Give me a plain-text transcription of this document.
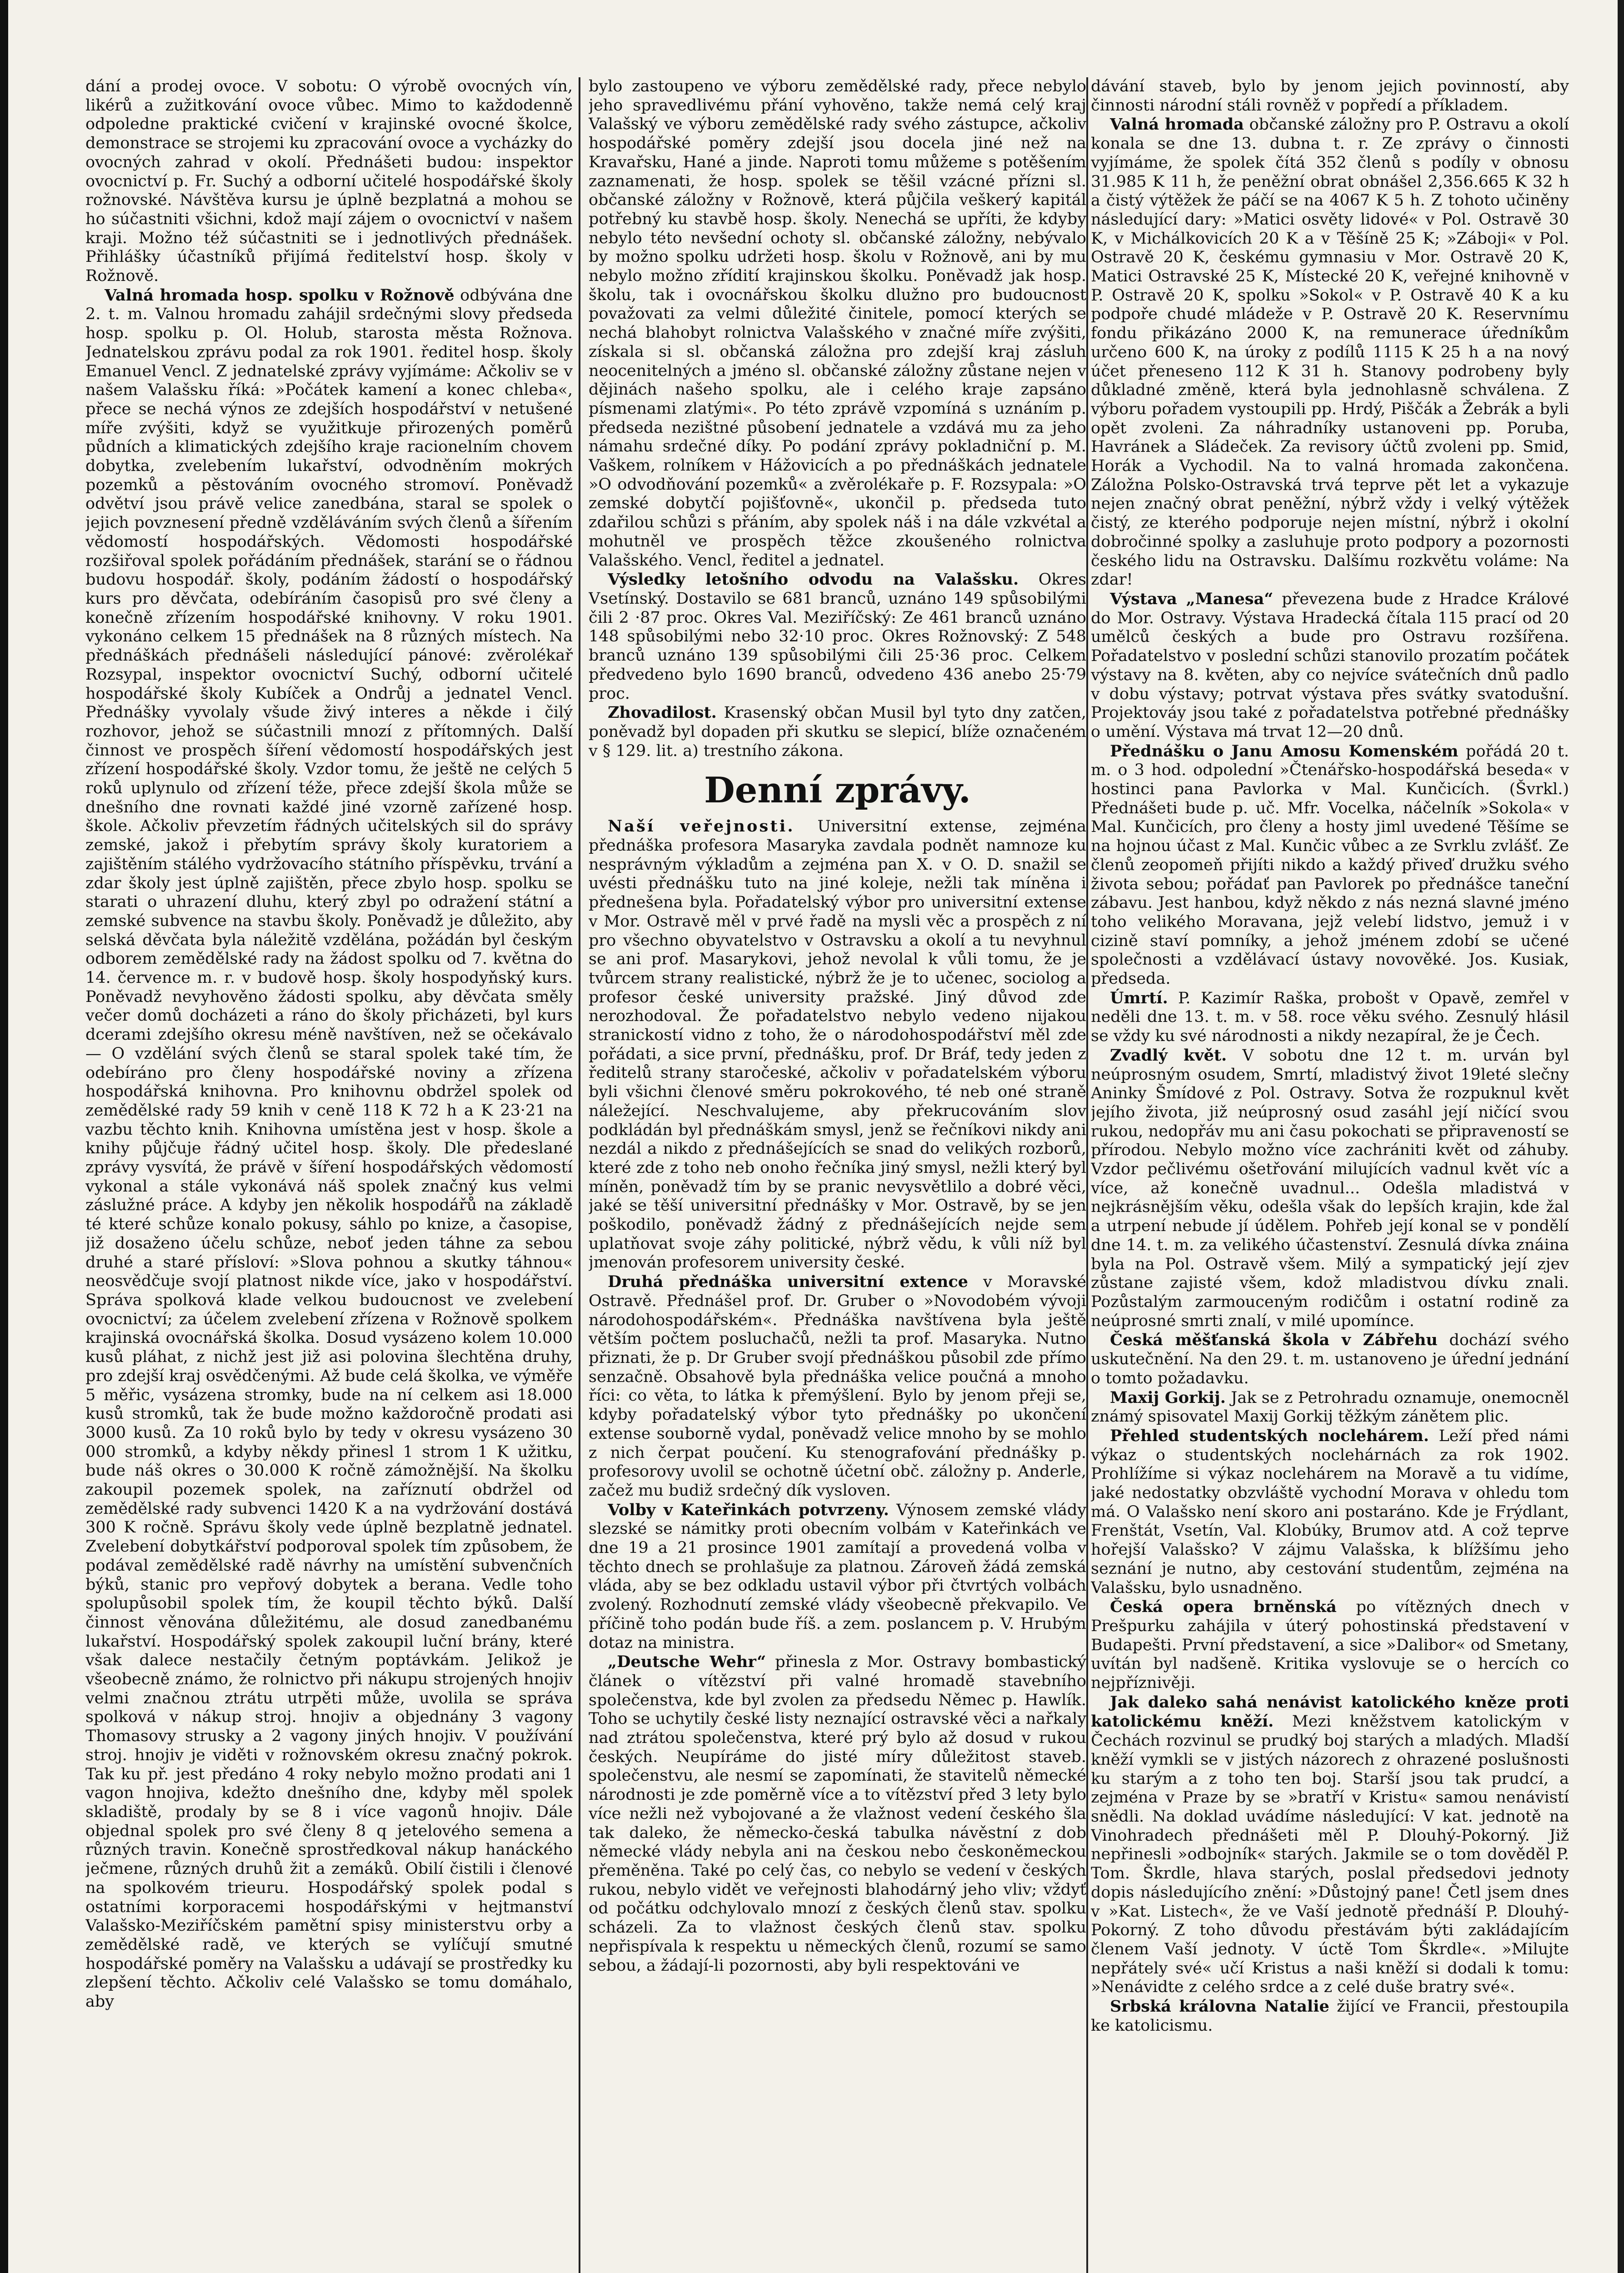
dání a prodej ovoce. V sobotu: O výrobě ovocných vín, likérů a zužitkování ovoce vůbec. Mimo to každodenně odpoledne praktické cvičení v krajinské ovocné školce, demonstrace se strojemi ku zpracování ovoce a vycházky do ovocných zahrad v okolí. Přednášeti budou: inspektor ovocnictví p. Fr. Suchý a odborní učitelé hospodářské školy rožnovské. Návštěva kursu je úplně bezplatná a mohou se ho súčastniti všichni, kdož mají zájem o ovocnictví v našem kraji. Možno též súčastniti se i jednotlivých přednášek. Přihlášky účastníků přijímá ředitelství hosp. školy v Rožnově.

Valná hromada hosp. spolku v Rožnově odbývána dne 2. t. m. Valnou hromadu zahájil srdečnými slovy předseda hosp. spolku p. Ol. Holub, starosta města Rožnova. Jednatelskou zprávu podal za rok 1901. ředitel hosp. školy Emanuel Vencl. Z jednatelské zprávy vyjímáme: Ačkoliv se v našem Valašsku říká: »Počátek kamení a konec chleba«, přece se nechá výnos ze zdejších hospodářství v netušené míře zvýšiti, když se využitkuje přirozených poměrů půdních a klimatických zdejšího kraje racionelním chovem dobytka, zvelebením lukařství, odvodněním mokrých pozemků a pěstováním ovocného stromoví. Poněvadž odvětví jsou právě velice zanedbána, staral se spolek o jejich povznesení předně vzděláváním svých členů a šířením vědomostí hospodářských. Vědomosti hospodářské rozšiřoval spolek pořádáním přednášek, starání se o řádnou budovu hospodář. školy, podáním žádostí o hospodářský kurs pro děvčata, odebíráním časopisů pro své členy a konečně zřízením hospodářské knihovny. V roku 1901. vykonáno celkem 15 přednášek na 8 různých místech. Na přednáškách přednášeli následující pánové: zvěrolékař Rozsypal, inspektor ovocnictví Suchý, odborní učitelé hospodářské školy Kubíček a Ondrůj a jednatel Vencl. Přednášky vyvolaly všude živý interes a někde i čilý rozhovor, jehož se súčastnili mnozí z přítomných. Další činnost ve prospěch šíření vědomostí hospodářských jest zřízení hospodářské školy. Vzdor tomu, že ještě ne celých 5 roků uplynulo od zřízení téže, přece zdejší škola může se dnešního dne rovnati každé jiné vzorně zařízené hosp. škole. Ačkoliv převzetím řádných učitelských sil do správy zemské, jakož i přebytím správy školy kuratoriem a zajištěním stálého vydržovacího státního příspěvku, trvání a zdar školy jest úplně zajištěn, přece zbylo hosp. spolku se starati o uhrazení dluhu, který zbyl po odražení státní a zemské subvence na stavbu školy. Poněvadž je důležito, aby selská děvčata byla náležitě vzdělána, požádán byl českým odborem zemědělské rady na žádost spolku od 7. května do 14. července m. r. v budově hosp. školy hospodyňský kurs. Poněvadž nevyhověno žádosti spolku, aby děvčata směly večer domů docházeti a ráno do školy přicházeti, byl kurs dcerami zdejšího okresu méně navštíven, než se očekávalo — O vzdělání svých členů se staral spolek také tím, že odebíráno pro členy hospodářské noviny a zřízena hospodářská knihovna. Pro knihovnu obdržel spolek od zemědělské rady 59 knih v ceně 118 K 72 h a K 23·21 na vazbu těchto knih. Knihovna umístěna jest v hosp. škole a knihy půjčuje řádný učitel hosp. školy. Dle předeslané zprávy vysvítá, že právě v šíření hospodářských vědomostí vykonal a stále vykonává náš spolek značný kus velmi záslužné práce. A kdyby jen několik hospodářů na základě té které schůze konalo pokusy, sáhlo po knize, a časopise, již dosaženo účelu schůze, neboť jeden táhne za sebou druhé a staré přísloví: »Slova pohnou a skutky táhnou« neosvědčuje svojí platnost nikde více, jako v hospodářství. Správa spolková klade velkou budoucnost ve zvelebení ovocnictví; za účelem zvelebení zřízena v Rožnově spolkem krajinská ovocnářská školka. Dosud vysázeno kolem 10.000 kusů pláhat, z nichž jest již asi polovina šlechtěna druhy, pro zdejší kraj osvědčenými. Až bude celá školka, ve výměře 5 měřic, vysázena stromky, bude na ní celkem asi 18.000 kusů stromků, tak že bude možno každoročně prodati asi 3000 kusů. Za 10 roků bylo by tedy v okresu vysázeno 30 000 stromků, a kdyby někdy přinesl 1 strom 1 K užitku, bude náš okres o 30.000 K ročně zámožnější. Na školku zakoupil pozemek spolek, na zaříznutí obdržel od zemědělské rady subvenci 1420 K a na vydržování dostává 300 K ročně. Správu školy vede úplně bezplatně jednatel. Zvelebení dobytkářství podporoval spolek tím způsobem, že podával zemědělské radě návrhy na umístění subvenčních býků, stanic pro vepřový dobytek a berana. Vedle toho spolupůsobil spolek tím, že koupil těchto býků. Další činnost věnována důležitému, ale dosud zanedbanému lukařství. Hospodářský spolek zakoupil luční brány, které však dalece nestačily četným poptávkám. Jelikož je všeobecně známo, že rolnictvo při nákupu strojených hnojiv velmi značnou ztrátu utrpěti může, uvolila se správa spolková v nákup stroj. hnojiv a objednány 3 vagony Thomasovy strusky a 2 vagony jiných hnojiv. V používání stroj. hnojiv je viděti v rožnovském okresu značný pokrok. Tak ku př. jest předáno 4 roky nebylo možno prodati ani 1 vagon hnojiva, kdežto dnešního dne, kdyby měl spolek skladiště, prodaly by se 8 i více vagonů hnojiv. Dále objednal spolek pro své členy 8 q jetelového semena a různých travin. Konečně sprostředkoval nákup hanáckého ječmene, různých druhů žit a zemáků. Obilí čistili i členové na spolkovém trieuru. Hospodářský spolek podal s ostatními korporacemi hospodářskými v hejtmanství Valašsko-Meziříčském pamětní spisy ministerstvu orby a zemědělské radě, ve kterých se vylíčují smutné hospodářské poměry na Valašsku a udávají se prostředky ku zlepšení těchto. Ačkoliv celé Valašsko se tomu domáhalo, aby

bylo zastoupeno ve výboru zemědělské rady, přece nebylo jeho spravedlivému přání vyhověno, takže nemá celý kraj Valašský ve výboru zemědělské rady svého zástupce, ačkoliv hospodářské poměry zdejší jsou docela jiné než na Kravařsku, Hané a jinde. Naproti tomu můžeme s potěšením zaznamenati, že hosp. spolek se těšil vzácné přízni sl. občanské záložny v Rožnově, která půjčila veškerý kapitál potřebný ku stavbě hosp. školy. Nenechá se upříti, že kdyby nebylo této nevšední ochoty sl. občanské záložny, nebývalo by možno spolku udržeti hosp. školu v Rožnově, ani by mu nebylo možno zřídití krajinskou školku. Poněvadž jak hosp. školu, tak i ovocnářskou školku dlužno pro budoucnost považovati za velmi důležité činitele, pomocí kterých se nechá blahobyt rolnictva Valašského v značné míře zvýšiti, získala si sl. občanská záložna pro zdejší kraj zásluh neocenitelných a jméno sl. občanské záložny zůstane nejen v dějinách našeho spolku, ale i celého kraje zapsáno písmenami zlatými«. Po této zprávě vzpomíná s uznáním p. předseda nezištné působení jednatele a vzdává mu za jeho námahu srdečné díky. Po podání zprávy pokladniční p. M. Vaškem, rolníkem v Hážovicích a po přednáškách jednatele »O odvodňování pozemků« a zvěrolékaře p. F. Rozsypala: »O zemské dobytčí pojišťovně«, ukončil p. předseda tuto zdařilou schůzi s přáním, aby spolek náš i na dále vzkvétal a mohutněl ve prospěch těžce zkoušeného rolnictva Valašského. Vencl, ředitel a jednatel.

Výsledky letošního odvodu na Valašsku. Okres Vsetínský. Dostavilo se 681 branců, uznáno 149 spůsobilými čili 2 ·87 proc. Okres Val. Meziříčský: Ze 461 branců uznáno 148 spůsobilými nebo 32·10 proc. Okres Rožnovský: Z 548 branců uznáno 139 spůsobilými čili 25·36 proc. Celkem předvedeno bylo 1690 branců, odvedeno 436 anebo 25·79 proc.

Zhovadilost. Krasenský občan Musil byl tyto dny zatčen, poněvadž byl dopaden při skutku se slepicí, blíže označeném v § 129. lit. a) trestního zákona.

Denní zprávy.

Naší veřejnosti. Universitní extense, zejména přednáška profesora Masaryka zavdala podnět namnoze ku nesprávným výkladům a zejména pan X. v O. D. snažil se uvésti přednášku tuto na jiné koleje, nežli tak míněna i přednešena byla. Pořadatelský výbor pro universitní extense v Mor. Ostravě měl v prvé řadě na mysli věc a prospěch z ní pro všechno obyvatelstvo v Ostravsku a okolí a tu nevyhnul se ani prof. Masarykovi, jehož nevolal k vůli tomu, že je tvůrcem strany realistické, nýbrž že je to učenec, sociolog a profesor české university pražské. Jiný důvod zde nerozhodoval. Že pořadatelstvo nebylo vedeno nijakou stranickostí vidno z toho, že o národohospodářství měl zde pořádati, a sice první, přednášku, prof. Dr Bráf, tedy jeden z ředitelů strany staročeské, ačkoliv v pořadatelském výboru byli všichni členové směru pokrokového, té neb oné straně náležející. Neschvalujeme, aby překrucováním slov podkládán byl přednáškám smysl, jenž se řečníkovi nikdy ani nezdál a nikdo z přednášejících se snad do velikých rozborů, které zde z toho neb onoho řečníka jiný smysl, nežli který byl míněn, poněvadž tím by se pranic nevysvětlilo a dobré věci, jaké se těší universitní přednášky v Mor. Ostravě, by se jen poškodilo, poněvadž žádný z přednášejících nejde sem uplatňovat svoje záhy politické, nýbrž vědu, k vůli níž byl jmenován profesorem university české.

Druhá přednáška universitní extence v Moravské Ostravě. Přednášel prof. Dr. Gruber o »Novodobém vývoji národohospodářském«. Přednáška navštívena byla ještě větším počtem posluchačů, nežli ta prof. Masaryka. Nutno přiznati, že p. Dr Gruber svojí přednáškou působil zde přímo senzačně. Obsahově byla přednáška velice poučná a mnoho říci: co věta, to látka k přemýšlení. Bylo by jenom přeji se, kdyby pořadatelský výbor tyto přednášky po ukončení extense souborně vydal, poněvadž velice mnoho by se mohlo z nich čerpat poučení. Ku stenografování přednášky p. profesorovy uvolil se ochotně účetní obč. záložny p. Anderle, začež mu budiž srdečný dík vysloven.

Volby v Kateřinkách potvrzeny. Výnosem zemské vlády slezské se námitky proti obecním volbám v Kateřinkách ve dne 19 a 21 prosince 1901 zamítají a provedená volba v těchto dnech se prohlašuje za platnou. Zároveň žádá zemská vláda, aby se bez odkladu ustavil výbor při čtvrtých volbách zvolený. Rozhodnutí zemské vlády všeobecně překvapilo. Ve příčině toho podán bude říš. a zem. poslancem p. V. Hrubým dotaz na ministra.

„Deutsche Wehr“ přinesla z Mor. Ostravy bombastický článek o vítězství při valné hromadě stavebního společenstva, kde byl zvolen za předsedu Němec p. Hawlík. Toho se uchytily české listy neznající ostravské věci a nařkaly nad ztrátou společenstva, které prý bylo až dosud v rukou českých. Neupíráme do jisté míry důležitost staveb. společenstvu, ale nesmí se zapomínati, že stavitelů německé národnosti je zde poměrně více a to vítězství před 3 lety bylo více nežli než vybojované a že vlažnost vedení českého šla tak daleko, že německo-česká tabulka návěstní z dob německé vlády nebyla ani na českou nebo českoněmeckou přeměněna. Také po celý čas, co nebylo se vedení v českých rukou, nebylo vidět ve veřejnosti blahodárný jeho vliv; vždyť od počátku odchylovalo mnozí z českých členů stav. spolku scházeli. Za to vlažnost českých členů stav. spolku nepřispívala k respektu u německých členů, rozumí se samo sebou, a žádají-li pozornosti, aby byli respektováni ve

dávání staveb, bylo by jenom jejich povinností, aby činnosti národní stáli rovněž v popředí a příkladem.

Valná hromada občanské záložny pro P. Ostravu a okolí konala se dne 13. dubna t. r. Ze zprávy o činnosti vyjímáme, že spolek čítá 352 členů s podíly v obnosu 31.985 K 11 h, že peněžní obrat obnášel 2,356.665 K 32 h a čistý výtěžek že páčí se na 4067 K 5 h. Z tohoto učiněny následující dary: »Matici osvěty lidové« v Pol. Ostravě 30 K, v Michálkovicích 20 K a v Těšíně 25 K; »Záboji« v Pol. Ostravě 20 K, českému gymnasiu v Mor. Ostravě 20 K, Matici Ostravské 25 K, Místecké 20 K, veřejné knihovně v P. Ostravě 20 K, spolku »Sokol« v P. Ostravě 40 K a ku podpoře chudé mládeže v P. Ostravě 20 K. Reservnímu fondu přikázáno 2000 K, na remunerace úředníkům určeno 600 K, na úroky z podílů 1115 K 25 h a na nový účet přeneseno 112 K 31 h. Stanovy podrobeny byly důkladné změně, která byla jednohlasně schválena. Z výboru pořadem vystoupili pp. Hrdý, Piščák a Žebrák a byli opět zvoleni. Za náhradníky ustanoveni pp. Poruba, Havránek a Sládeček. Za revisory účtů zvoleni pp. Smid, Horák a Vychodil. Na to valná hromada zakončena. Záložna Polsko-Ostravská trvá teprve pět let a vykazuje nejen značný obrat peněžní, nýbrž vždy i velký výtěžek čistý, ze kterého podporuje nejen místní, nýbrž i okolní dobročinné spolky a zasluhuje proto podpory a pozornosti českého lidu na Ostravsku. Dalšímu rozkvětu voláme: Na zdar!

Výstava „Manesa“ převezena bude z Hradce Králové do Mor. Ostravy. Výstava Hradecká čítala 115 prací od 20 umělců českých a bude pro Ostravu rozšířena. Pořadatelstvo v poslední schůzi stanovilo prozatím počátek výstavy na 8. květen, aby co nejvíce svátečních dnů padlo v dobu výstavy; potrvat výstava přes svátky svatodušní. Projektováy jsou také z pořadatelstva potřebné přednášky o umění. Výstava má trvat 12—20 dnů.

Přednášku o Janu Amosu Komenském pořádá 20 t. m. o 3 hod. odpolední »Čtenářsko-hospodářská beseda« v hostinci pana Pavlorka v Mal. Kunčicích. (Švrkl.) Přednášeti bude p. uč. Mfr. Vocelka, náčelník »Sokola« v Mal. Kunčicích, pro členy a hosty jiml uvedené Těšíme se na hojnou účast z Mal. Kunčic vůbec a ze Svrklu zvlášť. Ze členů zeopomeň přijíti nikdo a každý přiveď družku svého života sebou; pořádať pan Pavlorek po přednášce taneční zábavu. Jest hanbou, když někdo z nás nezná slavné jméno toho velikého Moravana, jejž velebí lidstvo, jemuž i v cizině staví pomníky, a jehož jménem zdobí se učené společnosti a vzdělávací ústavy novověké. Jos. Kusiak, předseda.

Úmrtí. P. Kazimír Raška, probošt v Opavě, zemřel v neděli dne 13. t. m. v 58. roce věku svého. Zesnulý hlásil se vždy ku své národnosti a nikdy nezapíral, že je Čech.

Zvadlý květ. V sobotu dne 12 t. m. urván byl neúprosným osudem, Smrtí, mladistvý život 19leté slečny Aninky Šmídové z Pol. Ostravy. Sotva že rozpuknul květ jejího života, již neúprosný osud zasáhl její ničící svou rukou, nedopřáv mu ani času pokochati se připraveností se přírodou. Nebylo možno více zachrániti květ od záhuby. Vzdor pečlivému ošetřování milujících vadnul květ víc a více, až konečně uvadnul... Odešla mladistvá v nejkrásnějším věku, odešla však do lepších krajin, kde žal a utrpení nebude jí údělem. Pohřeb její konal se v pondělí dne 14. t. m. za velikého účastenství. Zesnulá dívka znáina byla na Pol. Ostravě všem. Milý a sympatický její zjev zůstane zajisté všem, kdož mladistvou dívku znali. Pozůstalým zarmouceným rodičům i ostatní rodině za neúprosné smrti znalí, v milé upomínce.

Česká měšťanská škola v Zábřehu dochází svého uskutečnění. Na den 29. t. m. ustanoveno je úřední jednání o tomto požadavku.

Maxij Gorkij. Jak se z Petrohradu oznamuje, onemocněl známý spisovatel Maxij Gorkij těžkým zánětem plic.

Přehled studentských noclehárem. Leží před námi výkaz o studentských noclehárnách za rok 1902. Prohlížíme si výkaz noclehárem na Moravě a tu vidíme, jaké nedostatky obzvláště vychodní Morava v ohledu tom má. O Valašsko není skoro ani postaráno. Kde je Frýdlant, Frenštát, Vsetín, Val. Klobúky, Brumov atd. A což teprve hořejší Valašsko? V zájmu Valašska, k blížšímu jeho seznání je nutno, aby cestování studentům, zejména na Valašsku, bylo usnadněno.

Česká opera brněnská po vítězných dnech v Prešpurku zahájila v úterý pohostinská představení v Budapešti. První představení, a sice »Dalibor« od Smetany, uvítán byl nadšeně. Kritika vyslovuje se o hercích co nejpříznivěji.

Jak daleko sahá nenávist katolického kněze proti katolickému kněží. Mezi kněžstvem katolickým v Čechách rozvinul se prudký boj starých a mladých. Mladší kněží vymkli se v jistých názorech z ohrazené poslušnosti ku starým a z toho ten boj. Starší jsou tak prudcí, a zejména v Praze by se »bratří v Kristu« samou nenávistí snědli. Na doklad uvádíme následující: V kat. jednotě na Vinohradech přednášeti měl P. Dlouhý-Pokorný. Již nepřinesli »odbojník« starých. Jakmile se o tom dověděl P. Tom. Škrdle, hlava starých, poslal předsedovi jednoty dopis následujícího znění: »Důstojný pane! Četl jsem dnes v »Kat. Listech«, že ve Vaší jednotě přednáší P. Dlouhý-Pokorný. Z toho důvodu přestávám býti zakládajícím členem Vaší jednoty. V úctě Tom Škrdle«. »Milujte nepřátely své« učí Kristus a naši kněží si dodali k tomu: »Nenávidte z celého srdce a z celé duše bratry své«.

Srbská královna Natalie žijící ve Francii, přestoupila ke katolicismu.
